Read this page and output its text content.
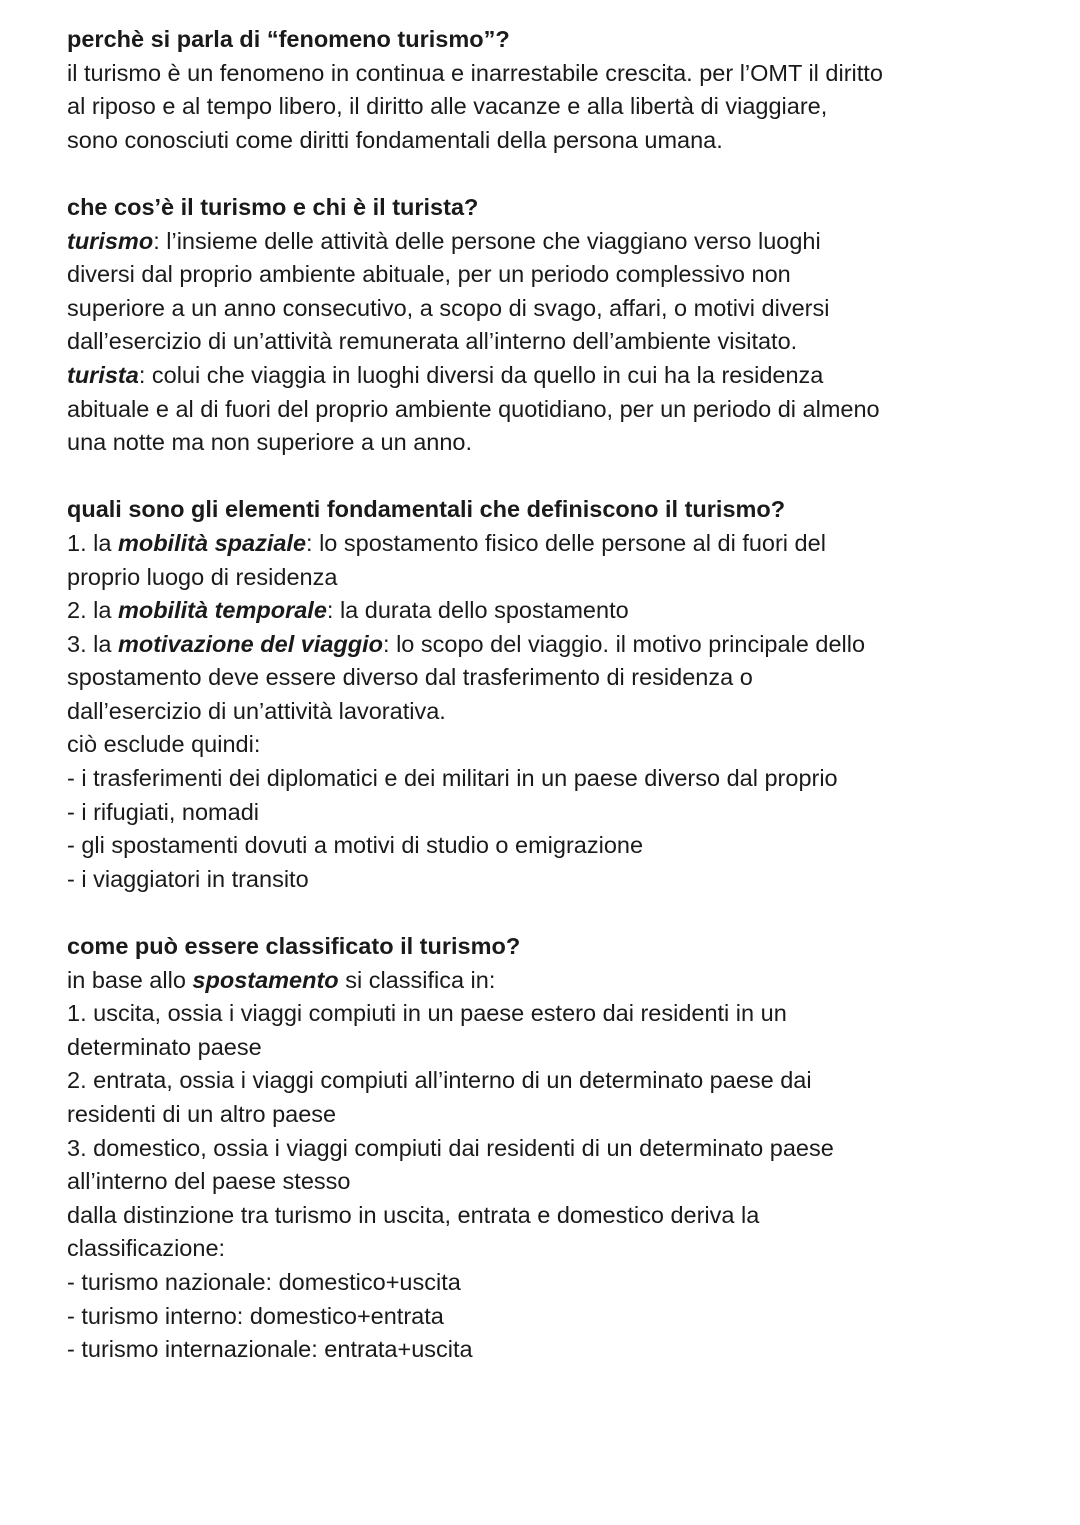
perchè si parla di “fenomeno turismo”?
il turismo è un fenomeno in continua e inarrestabile crescita. per l’OMT il diritto
al riposo e al tempo libero, il diritto alle vacanze e alla libertà di viaggiare,
sono conosciuti come diritti fondamentali della persona umana.
che cos’è il turismo e chi è il turista?
turismo: l’insieme delle attività delle persone che viaggiano verso luoghi
diversi dal proprio ambiente abituale, per un periodo complessivo non
superiore a un anno consecutivo, a scopo di svago, affari, o motivi diversi
dall’esercizio di un’attività remunerata all’interno dell’ambiente visitato.
turista: colui che viaggia in luoghi diversi da quello in cui ha la residenza
abituale e al di fuori del proprio ambiente quotidiano, per un periodo di almeno
una notte ma non superiore a un anno.
quali sono gli elementi fondamentali che definiscono il turismo?
1. la mobilità spaziale: lo spostamento fisico delle persone al di fuori del
proprio luogo di residenza
2. la mobilità temporale: la durata dello spostamento
3. la motivazione del viaggio: lo scopo del viaggio. il motivo principale dello
spostamento deve essere diverso dal trasferimento di residenza o
dall’esercizio di un’attività lavorativa.
ciò esclude quindi:
- i trasferimenti dei diplomatici e dei militari in un paese diverso dal proprio
- i rifugiati, nomadi
- gli spostamenti dovuti a motivi di studio o emigrazione
- i viaggiatori in transito
come può essere classificato il turismo?
in base allo spostamento si classifica in:
1. uscita, ossia i viaggi compiuti in un paese estero dai residenti in un
determinato paese
2. entrata, ossia i viaggi compiuti all’interno di un determinato paese dai
residenti di un altro paese
3. domestico, ossia i viaggi compiuti dai residenti di un determinato paese
all’interno del paese stesso
dalla distinzione tra turismo in uscita, entrata e domestico deriva la
classificazione:
- turismo nazionale: domestico+uscita
- turismo interno: domestico+entrata
- turismo internazionale: entrata+uscita
